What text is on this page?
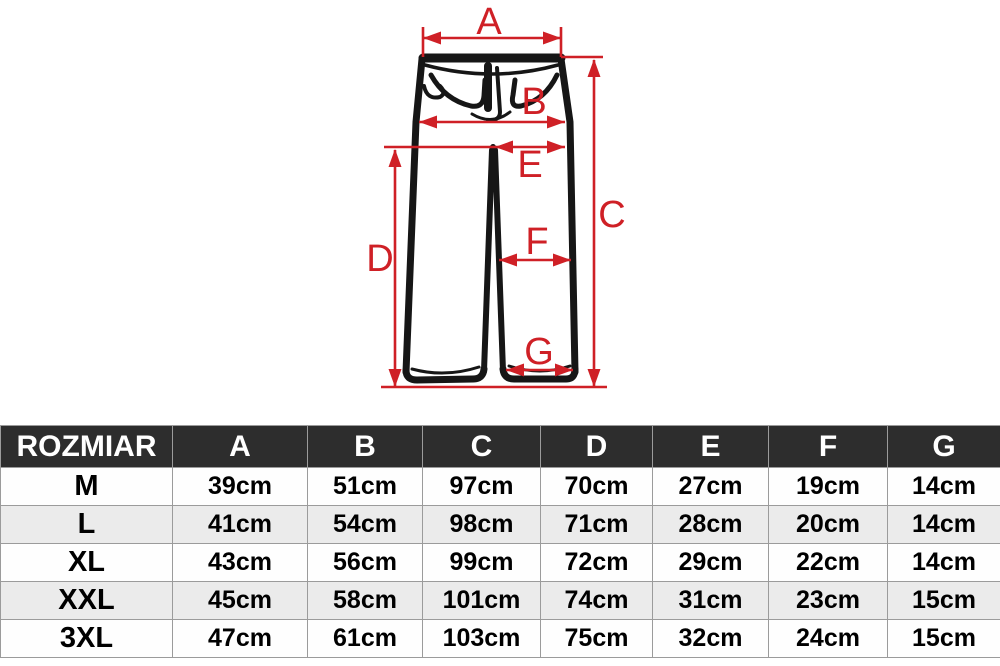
A
B
C
D
E
F
G
ROZMIAR	A	B	C	D	E	F	G
M	39cm	51cm	97cm	70cm	27cm	19cm	14cm
L	41cm	54cm	98cm	71cm	28cm	20cm	14cm
XL	43cm	56cm	99cm	72cm	29cm	22cm	14cm
XXL	45cm	58cm	101cm	74cm	31cm	23cm	15cm
3XL	47cm	61cm	103cm	75cm	32cm	24cm	15cm
